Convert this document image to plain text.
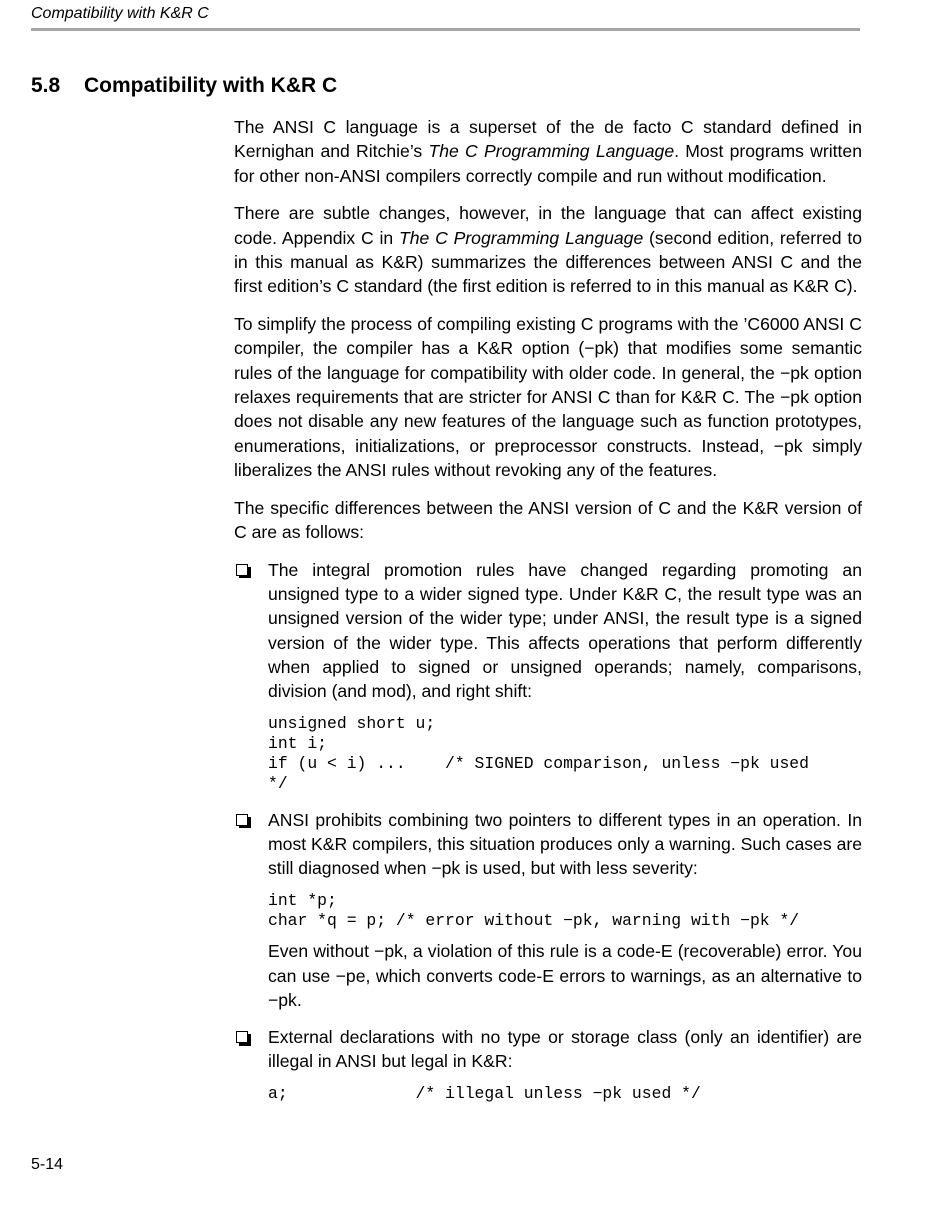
Compatibility with K&R C
5.8 Compatibility with K&R C

The ANSI C language is a superset of the de facto C standard defined in Kernighan and Ritchie’s The C Programming Language. Most programs written for other non-ANSI compilers correctly compile and run without modification.

There are subtle changes, however, in the language that can affect existing code. Appendix C in The C Programming Language (second edition, referred to in this manual as K&R) summarizes the differences between ANSI C and the first edition’s C standard (the first edition is referred to in this manual as K&R C).

To simplify the process of compiling existing C programs with the ’C6000 ANSI C compiler, the compiler has a K&R option (−pk) that modifies some semantic rules of the language for compatibility with older code. In general, the −pk option relaxes requirements that are stricter for ANSI C than for K&R C. The −pk option does not disable any new features of the language such as function prototypes, enumerations, initializations, or preprocessor constructs. Instead, −pk simply liberalizes the ANSI rules without revoking any of the features.

The specific differences between the ANSI version of C and the K&R version of C are as follows:

The integral promotion rules have changed regarding promoting an unsigned type to a wider signed type. Under K&R C, the result type was an unsigned version of the wider type; under ANSI, the result type is a signed version of the wider type. This affects operations that perform differently when applied to signed or unsigned operands; namely, comparisons, division (and mod), and right shift:

unsigned short u;
int i;
if (u < i) ...    /* SIGNED comparison, unless −pk used
*/

ANSI prohibits combining two pointers to different types in an operation. In most K&R compilers, this situation produces only a warning. Such cases are still diagnosed when −pk is used, but with less severity:

int *p;
char *q = p; /* error without −pk, warning with −pk */

Even without −pk, a violation of this rule is a code-E (recoverable) error. You can use −pe, which converts code-E errors to warnings, as an alternative to −pk.

External declarations with no type or storage class (only an identifier) are illegal in ANSI but legal in K&R:

a;             /* illegal unless −pk used */
5-14
